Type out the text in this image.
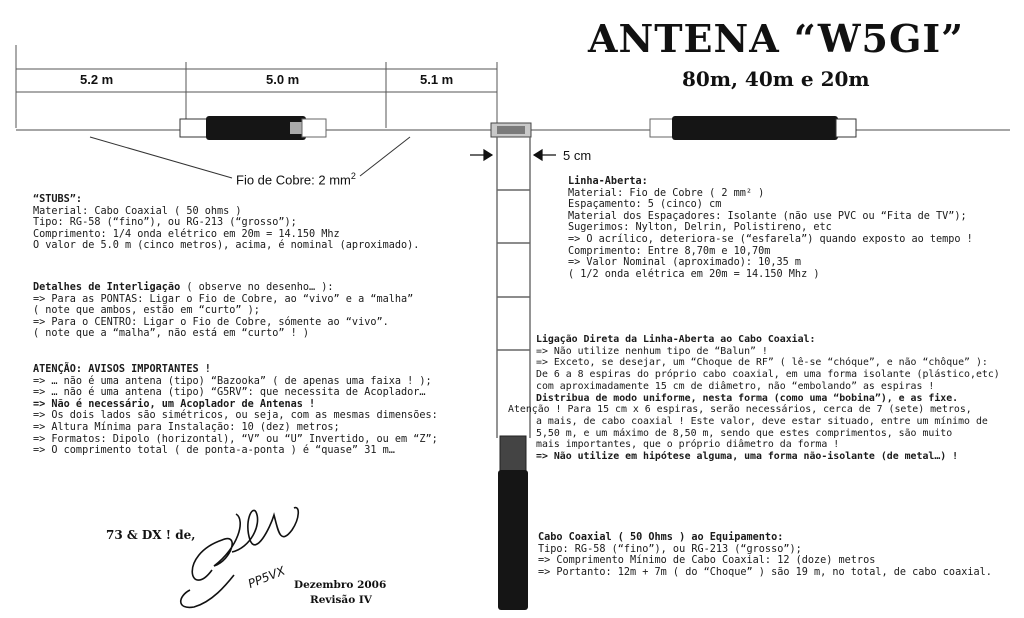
ANTENA “W5GI”
80m, 40m e 20m
5.2 m	5.0 m	5.1 m
5 cm
Fio de Cobre: 2 $mm^2$
“STUBS”:
Material: Cabo Coaxial ( 50 ohms )
Tipo: RG-58 (“fino”), ou RG-213 (“grosso”);
Comprimento: 1/4 onda elétrico em 20m = 14.150 Mhz
O valor de 5.0 m (cinco metros), acima, é nominal (aproximado).
Detalhes de Interligação ( observe no desenho… ):
=> Para as PONTAS: Ligar o Fio de Cobre, ao “vivo” e a “malha”
( note que ambos, estão em “curto” );
=> Para o CENTRO: Ligar o Fio de Cobre, sómente ao “vivo”.
( note que a “malha”, não está em “curto” ! )
ATENÇÃO: AVISOS IMPORTANTES !
=> … não é uma antena (tipo) “Bazooka” ( de apenas uma faixa ! );
=> … não é uma antena (tipo) “G5RV”: que necessita de Acoplador…
=> Não é necessário, um Acoplador de Antenas !
=> Os dois lados são simétricos, ou seja, com as mesmas dimensões:
=> Altura Mínima para Instalação: 10 (dez) metros;
=> Formatos: Dipolo (horizontal), “V” ou “U” Invertido, ou em “Z”;
=> O comprimento total ( de ponta-a-ponta ) é “quase” 31 m…
Linha-Aberta:
Material: Fio de Cobre ( 2 mm² )
Espaçamento: 5 (cinco) cm
Material dos Espaçadores: Isolante (não use PVC ou “Fita de TV”);
Sugerimos: Nylton, Delrin, Polistireno, etc
=> O acrílico, deteriora-se (“esfarela”) quando exposto ao tempo !
Comprimento: Entre 8,70m e 10,70m
=> Valor Nominal (aproximado): 10,35 m
( 1/2 onda elétrica em 20m = 14.150 Mhz )
Ligação Direta da Linha-Aberta ao Cabo Coaxial:
=> Não utilize nenhum tipo de “Balun” !
=> Exceto, se desejar, um “Choque de RF” ( lê-se “chóque”, e não “chôque” ):
De 6 a 8 espiras do próprio cabo coaxial, em uma forma isolante (plástico,etc)
com aproximadamente 15 cm de diâmetro, não “embolando” as espiras !
Distribua de modo uniforme, nesta forma (como uma “bobina”), e as fixe.
Atenção ! Para 15 cm x 6 espiras, serão necessários, cerca de 7 (sete) metros,
a mais, de cabo coaxial ! Este valor, deve estar situado, entre um mínimo de
5,50 m, e um máximo de 8,50 m, sendo que estes comprimentos, são muito
mais importantes, que o próprio diâmetro da forma !
=> Não utilize em hipótese alguma, uma forma não-isolante (de metal…) !
Cabo Coaxial ( 50 Ohms ) ao Equipamento:
Tipo: RG-58 (“fino”), ou RG-213 (“grosso”);
=> Comprimento Mínimo de Cabo Coaxial: 12 (doze) metros
=> Portanto: 12m + 7m ( do “Choque” ) são 19 m, no total, de cabo coaxial.
73 & DX ! de,
PP5VX Dezembro 2006
Revisão IV
